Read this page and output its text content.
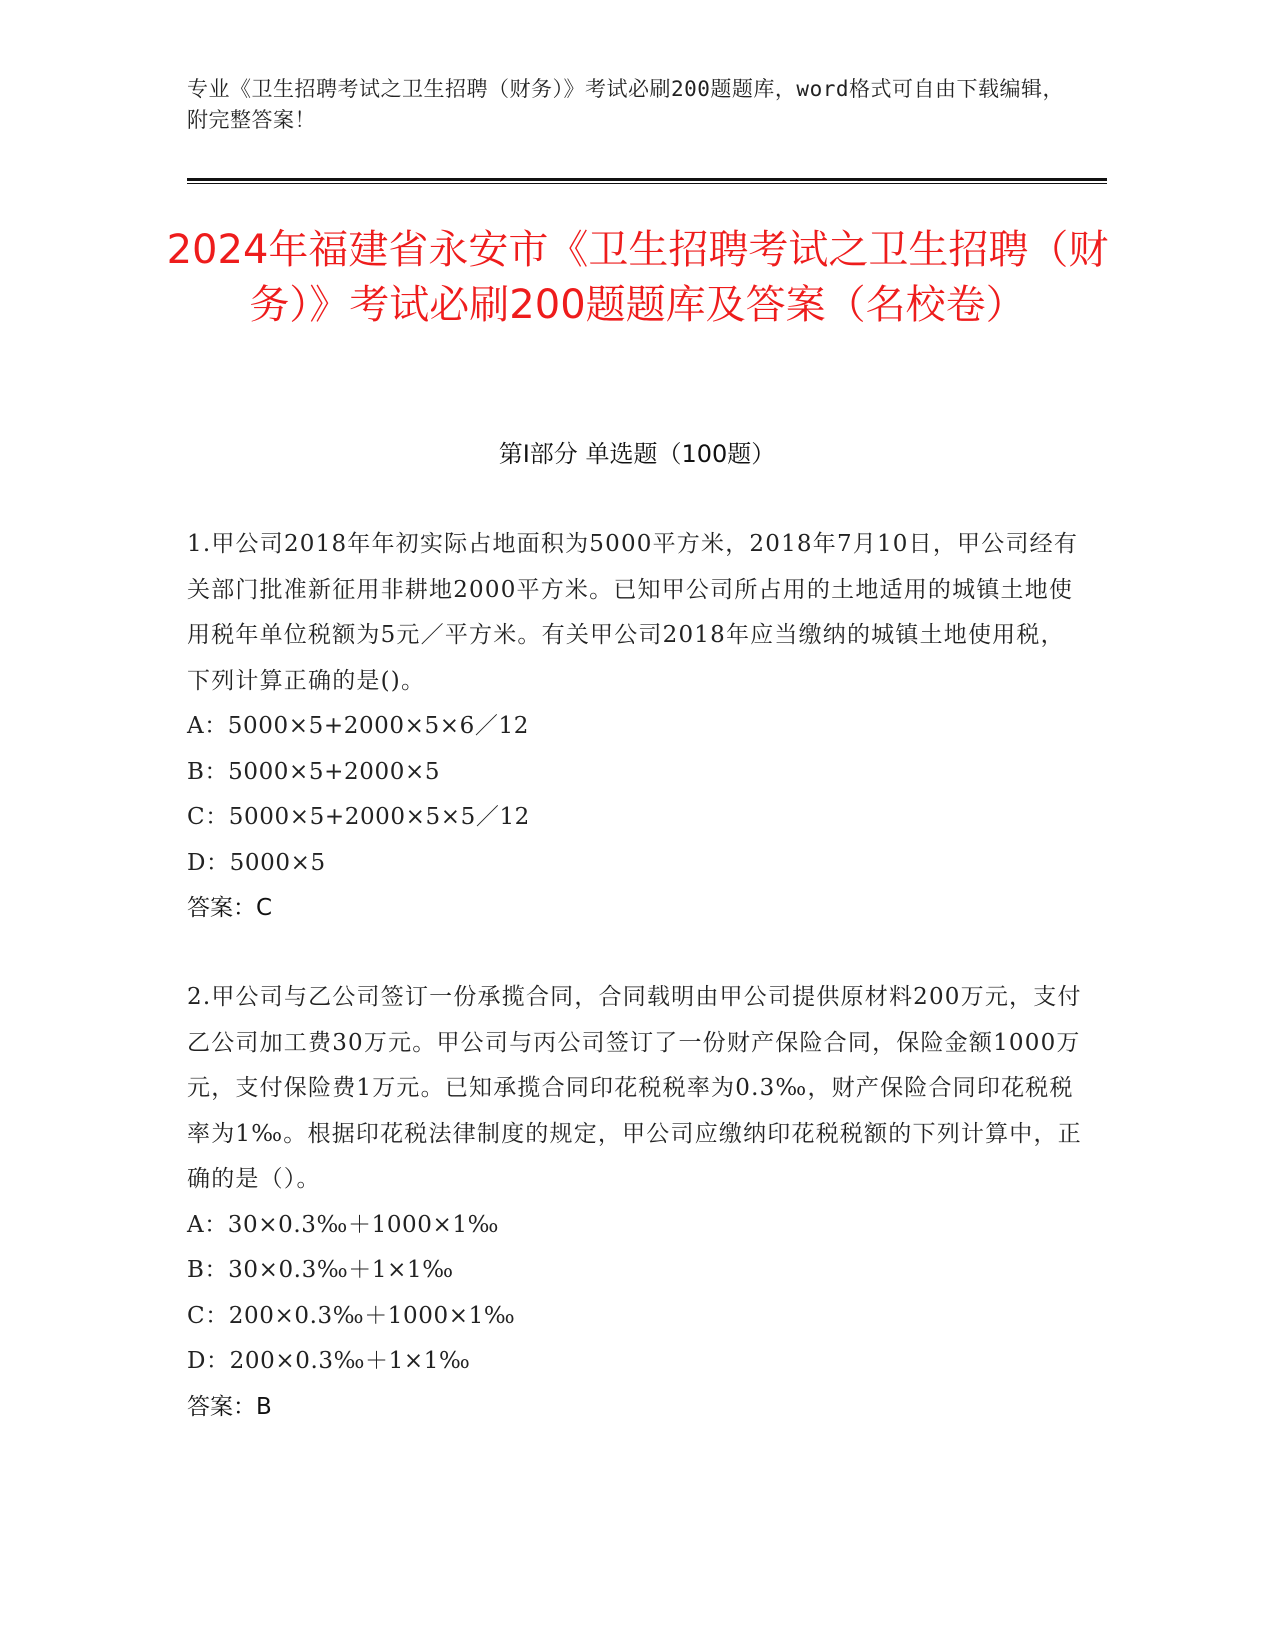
专业《卫生招聘考试之卫生招聘（财务）》考试必刷200题题库，word格式可自由下载编辑，附完整答案！
2024年福建省永安市《卫生招聘考试之卫生招聘（财务）》考试必刷200题题库及答案（名校卷）
第Ⅰ部分 单选题（100题）

1.甲公司2018年年初实际占地面积为5000平方米，2018年7月10日，甲公司经有关部门批准新征用非耕地2000平方米。已知甲公司所占用的土地适用的城镇土地使用税年单位税额为5元／平方米。有关甲公司2018年应当缴纳的城镇土地使用税，下列计算正确的是()。

A：5000×5+2000×5×6／12

B：5000×5+2000×5

C：5000×5+2000×5×5／12

D：5000×5

答案：C

2.甲公司与乙公司签订一份承揽合同，合同载明由甲公司提供原材料200万元，支付乙公司加工费30万元。甲公司与丙公司签订了一份财产保险合同，保险金额1000万元，支付保险费1万元。已知承揽合同印花税税率为0.3‰，财产保险合同印花税税率为1‰。根据印花税法律制度的规定，甲公司应缴纳印花税税额的下列计算中，正确的是（）。

A：30×0.3‰＋1000×1‰

B：30×0.3‰＋1×1‰

C：200×0.3‰＋1000×1‰

D：200×0.3‰＋1×1‰

答案：B
